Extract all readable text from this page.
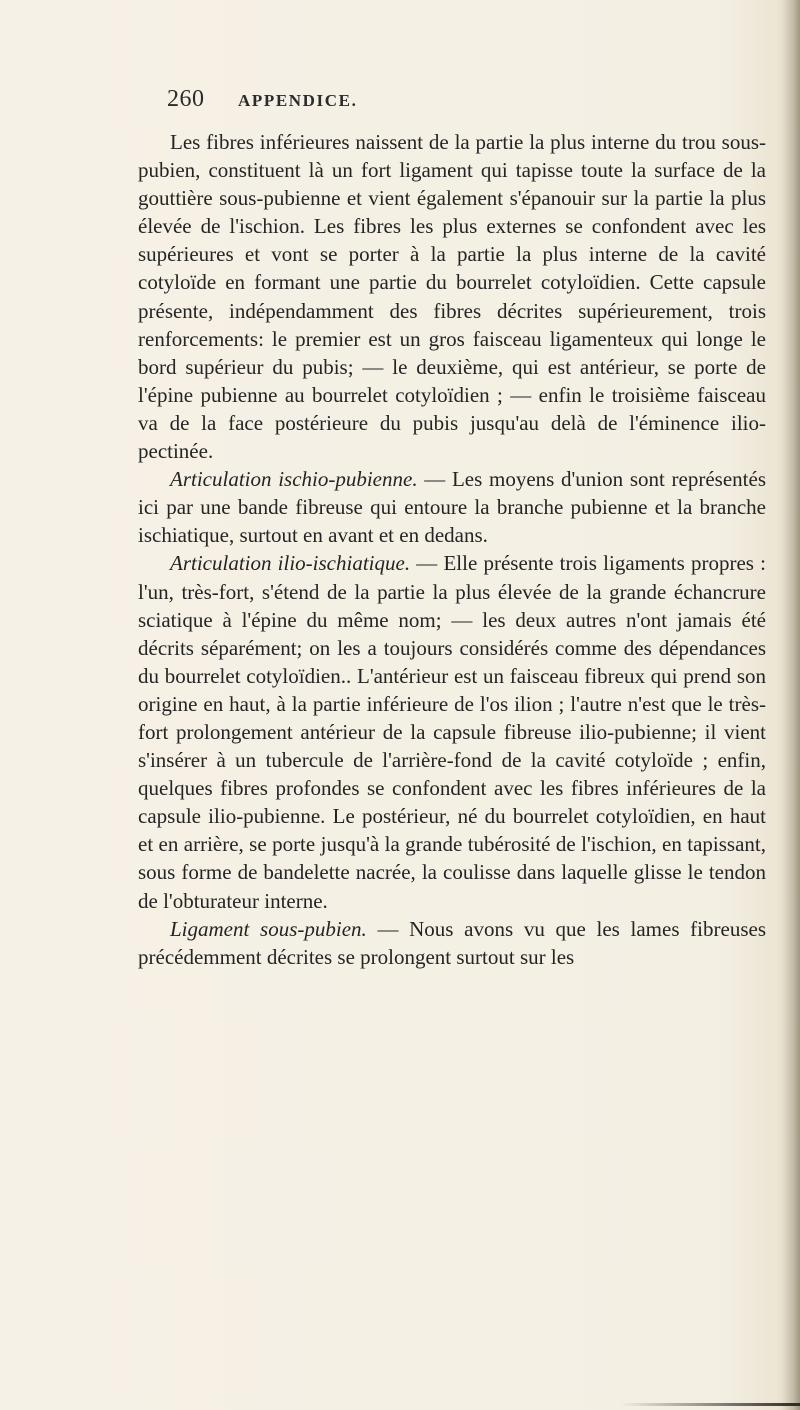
260 APPENDICE.

Les fibres inférieures naissent de la partie la plus interne du trou sous-pubien, constituent là un fort ligament qui tapisse toute la surface de la gouttière sous-pubienne et vient également s'épanouir sur la partie la plus élevée de l'ischion. Les fibres les plus externes se confondent avec les supérieures et vont se porter à la partie la plus interne de la cavité cotyloïde en formant une partie du bourrelet cotyloïdien. Cette capsule présente, indépendamment des fibres décrites supérieurement, trois renforcements: le premier est un gros faisceau ligamenteux qui longe le bord supérieur du pubis; — le deuxième, qui est antérieur, se porte de l'épine pubienne au bourrelet cotyloïdien ; — enfin le troisième faisceau va de la face postérieure du pubis jusqu'au delà de l'éminence ilio-pectinée.

Articulation ischio-pubienne. — Les moyens d'union sont représentés ici par une bande fibreuse qui entoure la branche pubienne et la branche ischiatique, surtout en avant et en dedans.

Articulation ilio-ischiatique. — Elle présente trois ligaments propres : l'un, très-fort, s'étend de la partie la plus élevée de la grande échancrure sciatique à l'épine du même nom; — les deux autres n'ont jamais été décrits séparément; on les a toujours considérés comme des dépendances du bourrelet cotyloïdien.. L'antérieur est un faisceau fibreux qui prend son origine en haut, à la partie inférieure de l'os ilion ; l'autre n'est que le très-fort prolongement antérieur de la capsule fibreuse ilio-pubienne; il vient s'insérer à un tubercule de l'arrière-fond de la cavité cotyloïde ; enfin, quelques fibres profondes se confondent avec les fibres inférieures de la capsule ilio-pubienne. Le postérieur, né du bourrelet cotyloïdien, en haut et en arrière, se porte jusqu'à la grande tubérosité de l'ischion, en tapissant, sous forme de bandelette nacrée, la coulisse dans laquelle glisse le tendon de l'obturateur interne.

Ligament sous-pubien. — Nous avons vu que les lames fibreuses précédemment décrites se prolongent surtout sur les
